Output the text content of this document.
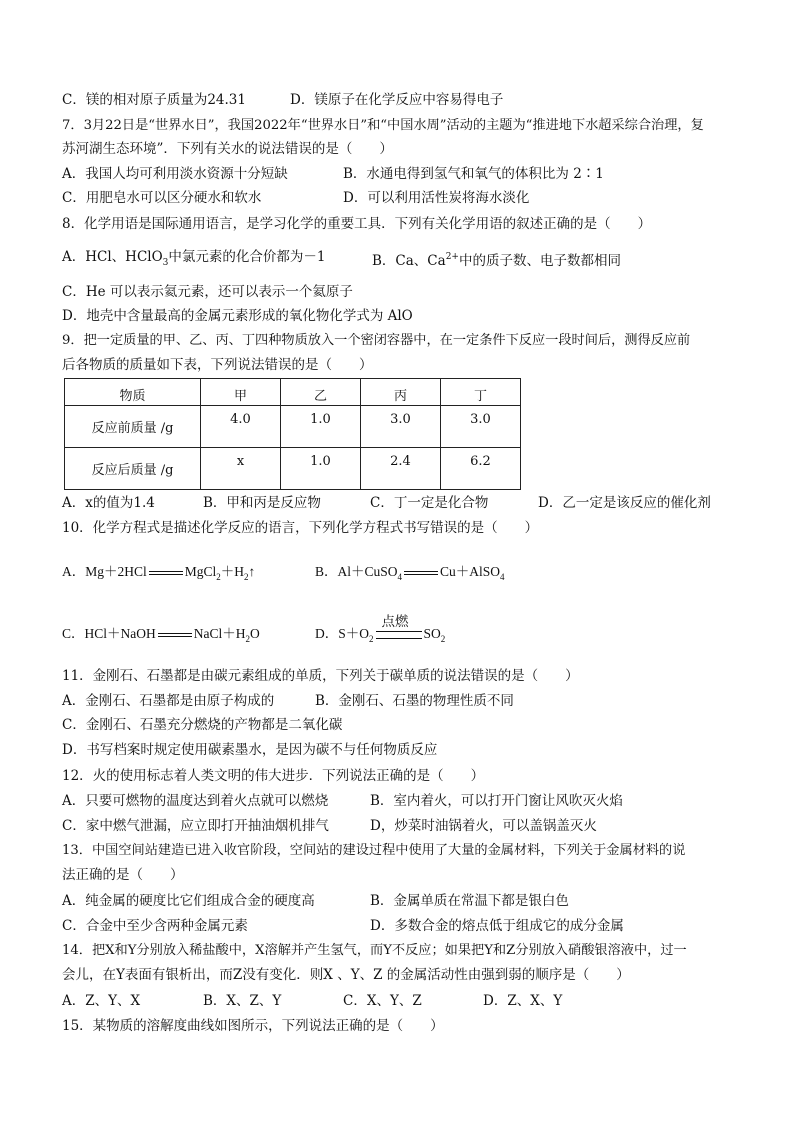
C．镁的相对原子质量为24.31	D．镁原子在化学反应中容易得电子
7．3月22日是“世界水日”，我国2022年“世界水日”和“中国水周”活动的主题为“推进地下水超采综合治理，复
苏河湖生态环境”．下列有关水的说法错误的是（　　）
A．我国人均可利用淡水资源十分短缺	B．水通电得到氢气和氧气的体积比为 2∶1
C．用肥皂水可以区分硬水和软水	D．可以利用活性炭将海水淡化
8．化学用语是国际通用语言，是学习化学的重要工具．下列有关化学用语的叙述正确的是（　　）
A．HCl、HClO$_3$中氯元素的化合价都为－1	B．Ca、$Ca^{2+}$中的质子数、电子数都相同
C．He 可以表示氦元素，还可以表示一个氦原子
D．地壳中含量最高的金属元素形成的氧化物化学式为 AlO
9．把一定质量的甲、乙、丙、丁四种物质放入一个密闭容器中，在一定条件下反应一段时间后，测得反应前
后各物质的质量如下表，下列说法错误的是（　　）
物质	甲	乙	丙	丁
反应前质量 /g	4.0	1.0	3.0	3.0
反应后质量 /g	x	1.0	2.4	6.2
A．x的值为1.4	B．甲和丙是反应物	C．丁一定是化合物	D．乙一定是该反应的催化剂
10．化学方程式是描述化学反应的语言，下列化学方程式书写错误的是（　　）
A．Mg＋2HCl	$MgCl_2+H_2↑$	B．Al＋CuSO$_4$	Cu＋AlSO$_4$
C．HCl＋NaOH	$NaCl+H_2O$	D．$S+O_2$
点燃
$SO_2$
11．金刚石、石墨都是由碳元素组成的单质，下列关于碳单质的说法错误的是（　　）
A．金刚石、石墨都是由原子构成的	B．金刚石、石墨的物理性质不同
C．金刚石、石墨充分燃烧的产物都是二氧化碳
D．书写档案时规定使用碳素墨水，是因为碳不与任何物质反应
12．火的使用标志着人类文明的伟大进步．下列说法正确的是（　　）
A．只要可燃物的温度达到着火点就可以燃烧	B．室内着火，可以打开门窗让风吹灭火焰
C．家中燃气泄漏，应立即打开抽油烟机排气	D，炒菜时油锅着火，可以盖锅盖灭火
13．中国空间站建造已进入收官阶段，空间站的建设过程中使用了大量的金属材料，下列关于金属材料的说
法正确的是（　　）
A．纯金属的硬度比它们组成合金的硬度高	B．金属单质在常温下都是银白色
C．合金中至少含两种金属元素	D．多数合金的熔点低于组成它的成分金属
14．把X和Y分别放入稀盐酸中，X溶解并产生氢气，而Y不反应；如果把Y和Z分别放入硝酸银溶液中，过一
会儿，在Y表面有银析出，而Z没有变化．则X 、Y、Z 的金属活动性由强到弱的顺序是（　　）
A．Z、Y、X	B．X、Z、Y	C．X、Y、Z	D．Z、X、Y
15．某物质的溶解度曲线如图所示，下列说法正确的是（　　）
